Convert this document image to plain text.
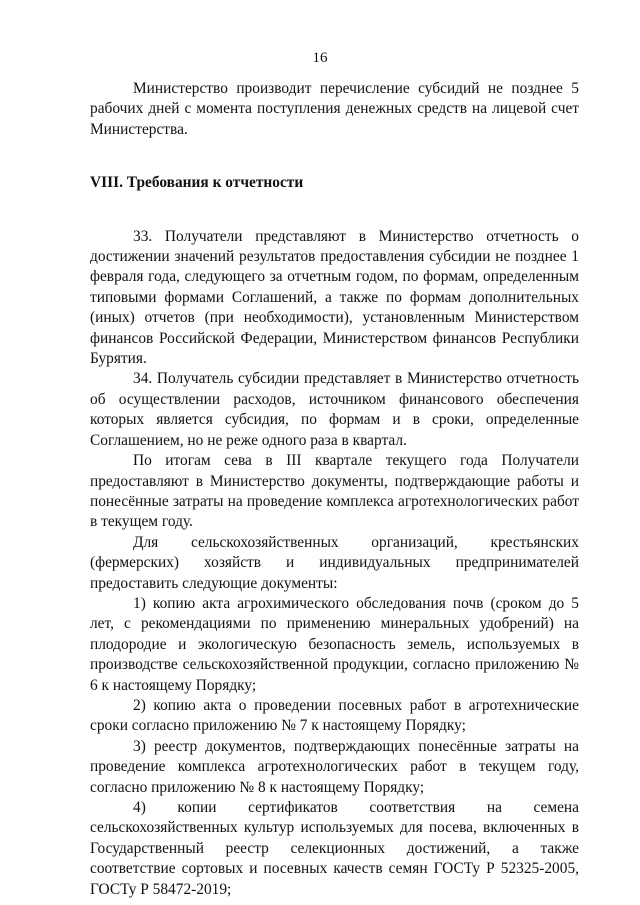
16

Министерство производит перечисление субсидий не позднее 5 рабочих дней с момента поступления денежных средств на лицевой счет Министерства.

VIII. Требования к отчетности

33. Получатели представляют в Министерство отчетность о достижении значений результатов предоставления субсидии не позднее 1 февраля года, следующего за отчетным годом, по формам, определенным типовыми формами Соглашений, а также по формам дополнительных (иных) отчетов (при необходимости), установленным Министерством финансов Российской Федерации, Министерством финансов Республики Бурятия.

34. Получатель субсидии представляет в Министерство отчетность об осуществлении расходов, источником финансового обеспечения которых является субсидия, по формам и в сроки, определенные Соглашением, но не реже одного раза в квартал.

По итогам сева в III квартале текущего года Получатели предоставляют в Министерство документы, подтверждающие работы и понесённые затраты на проведение комплекса агротехнологических работ в текущем году.

Для сельскохозяйственных организаций, крестьянских (фермерских) хозяйств и индивидуальных предпринимателей предоставить следующие документы:

1) копию акта агрохимического обследования почв (сроком до 5 лет, с рекомендациями по применению минеральных удобрений) на плодородие и экологическую безопасность земель, используемых в производстве сельскохозяйственной продукции, согласно приложению № 6 к настоящему Порядку;

2) копию акта о проведении посевных работ в агротехнические сроки согласно приложению № 7 к настоящему Порядку;

3) реестр документов, подтверждающих понесённые затраты на проведение комплекса агротехнологических работ в текущем году, согласно приложению № 8 к настоящему Порядку;

4) копии сертификатов соответствия на семена сельскохозяйственных культур используемых для посева, включенных в Государственный реестр селекционных достижений, а также соответствие сортовых и посевных качеств семян ГОСТу Р 52325-2005, ГОСТу Р 58472-2019;
